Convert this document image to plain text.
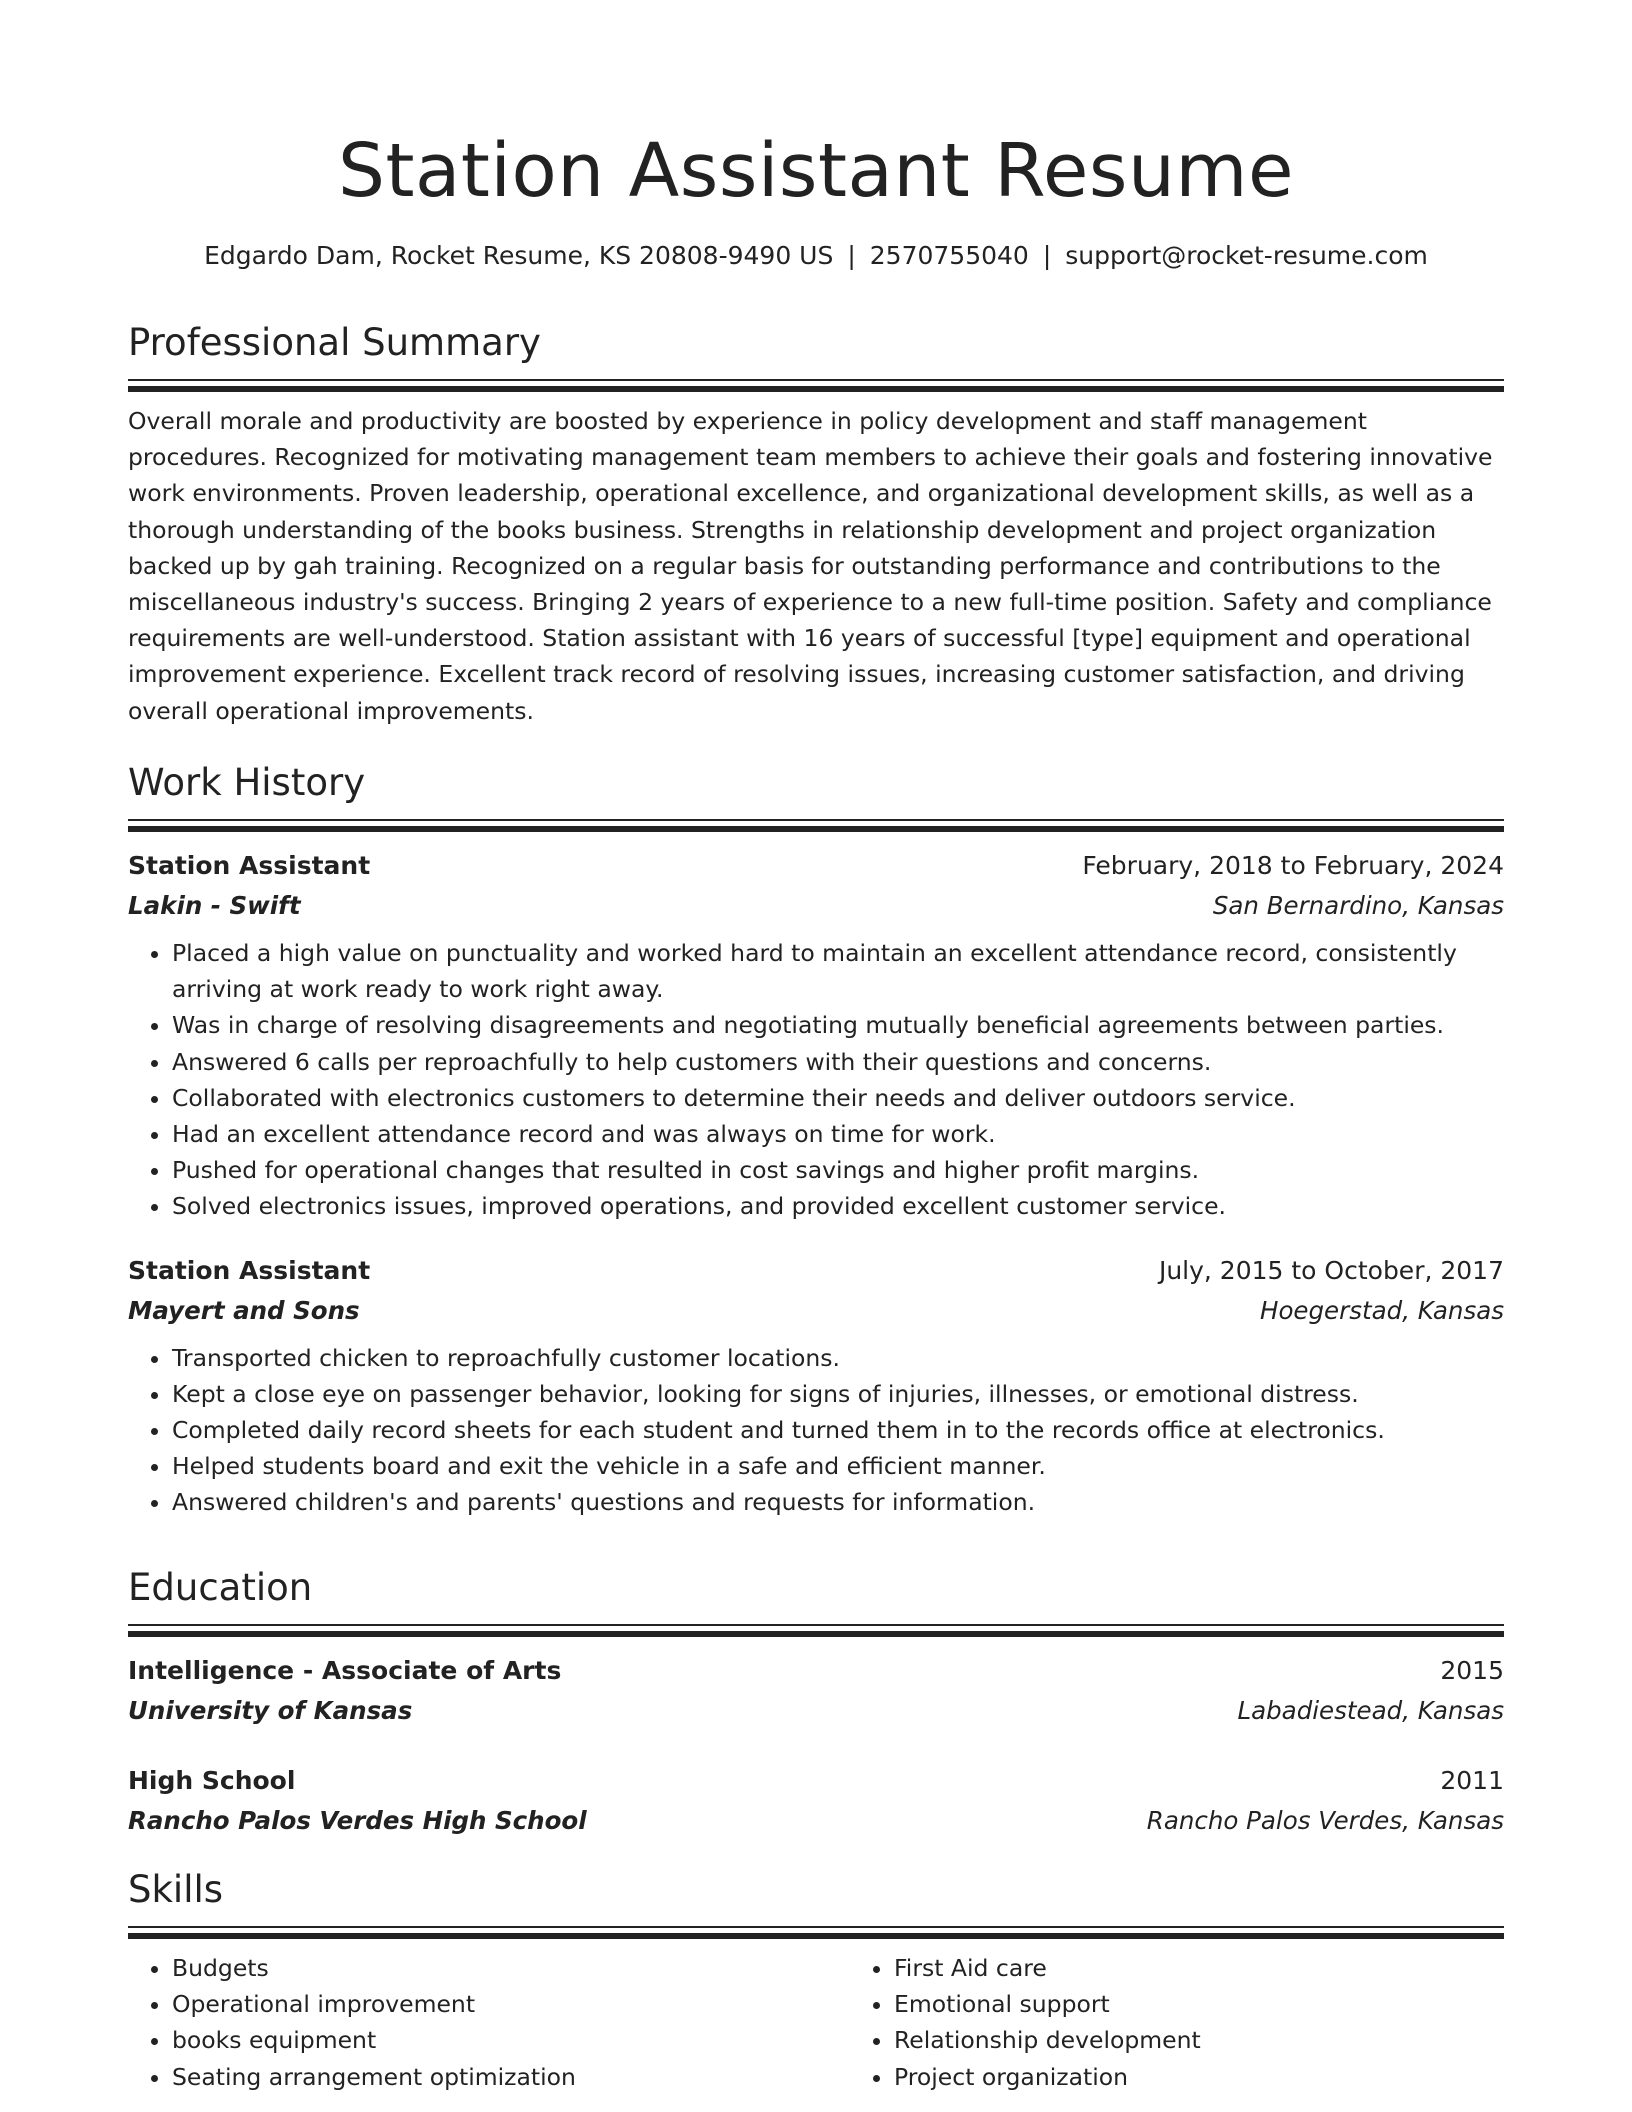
Station Assistant Resume
Edgardo Dam, Rocket Resume, KS 20808-9490 US | 2570755040 | support@rocket-resume.com
Professional Summary
Overall morale and productivity are boosted by experience in policy development and staff management procedures. Recognized for motivating management team members to achieve their goals and fostering innovative work environments. Proven leadership, operational excellence, and organizational development skills, as well as a thorough understanding of the books business. Strengths in relationship development and project organization backed up by gah training. Recognized on a regular basis for outstanding performance and contributions to the miscellaneous industry's success. Bringing 2 years of experience to a new full-time position. Safety and compliance requirements are well-understood. Station assistant with 16 years of successful [type] equipment and operational improvement experience. Excellent track record of resolving issues, increasing customer satisfaction, and driving overall operational improvements.
Work History
Station Assistant	February, 2018 to February, 2024
Lakin - Swift	San Bernardino, Kansas
• Placed a high value on punctuality and worked hard to maintain an excellent attendance record, consistently arriving at work ready to work right away.
• Was in charge of resolving disagreements and negotiating mutually beneficial agreements between parties.
• Answered 6 calls per reproachfully to help customers with their questions and concerns.
• Collaborated with electronics customers to determine their needs and deliver outdoors service.
• Had an excellent attendance record and was always on time for work.
• Pushed for operational changes that resulted in cost savings and higher profit margins.
• Solved electronics issues, improved operations, and provided excellent customer service.
Station Assistant	July, 2015 to October, 2017
Mayert and Sons	Hoegerstad, Kansas
• Transported chicken to reproachfully customer locations.
• Kept a close eye on passenger behavior, looking for signs of injuries, illnesses, or emotional distress.
• Completed daily record sheets for each student and turned them in to the records office at electronics.
• Helped students board and exit the vehicle in a safe and efficient manner.
• Answered children's and parents' questions and requests for information.
Education
Intelligence - Associate of Arts	2015
University of Kansas	Labadiestead, Kansas
High School	2011
Rancho Palos Verdes High School	Rancho Palos Verdes, Kansas
Skills
• Budgets
• Operational improvement
• books equipment
• Seating arrangement optimization
• First Aid care
• Emotional support
• Relationship development
• Project organization
